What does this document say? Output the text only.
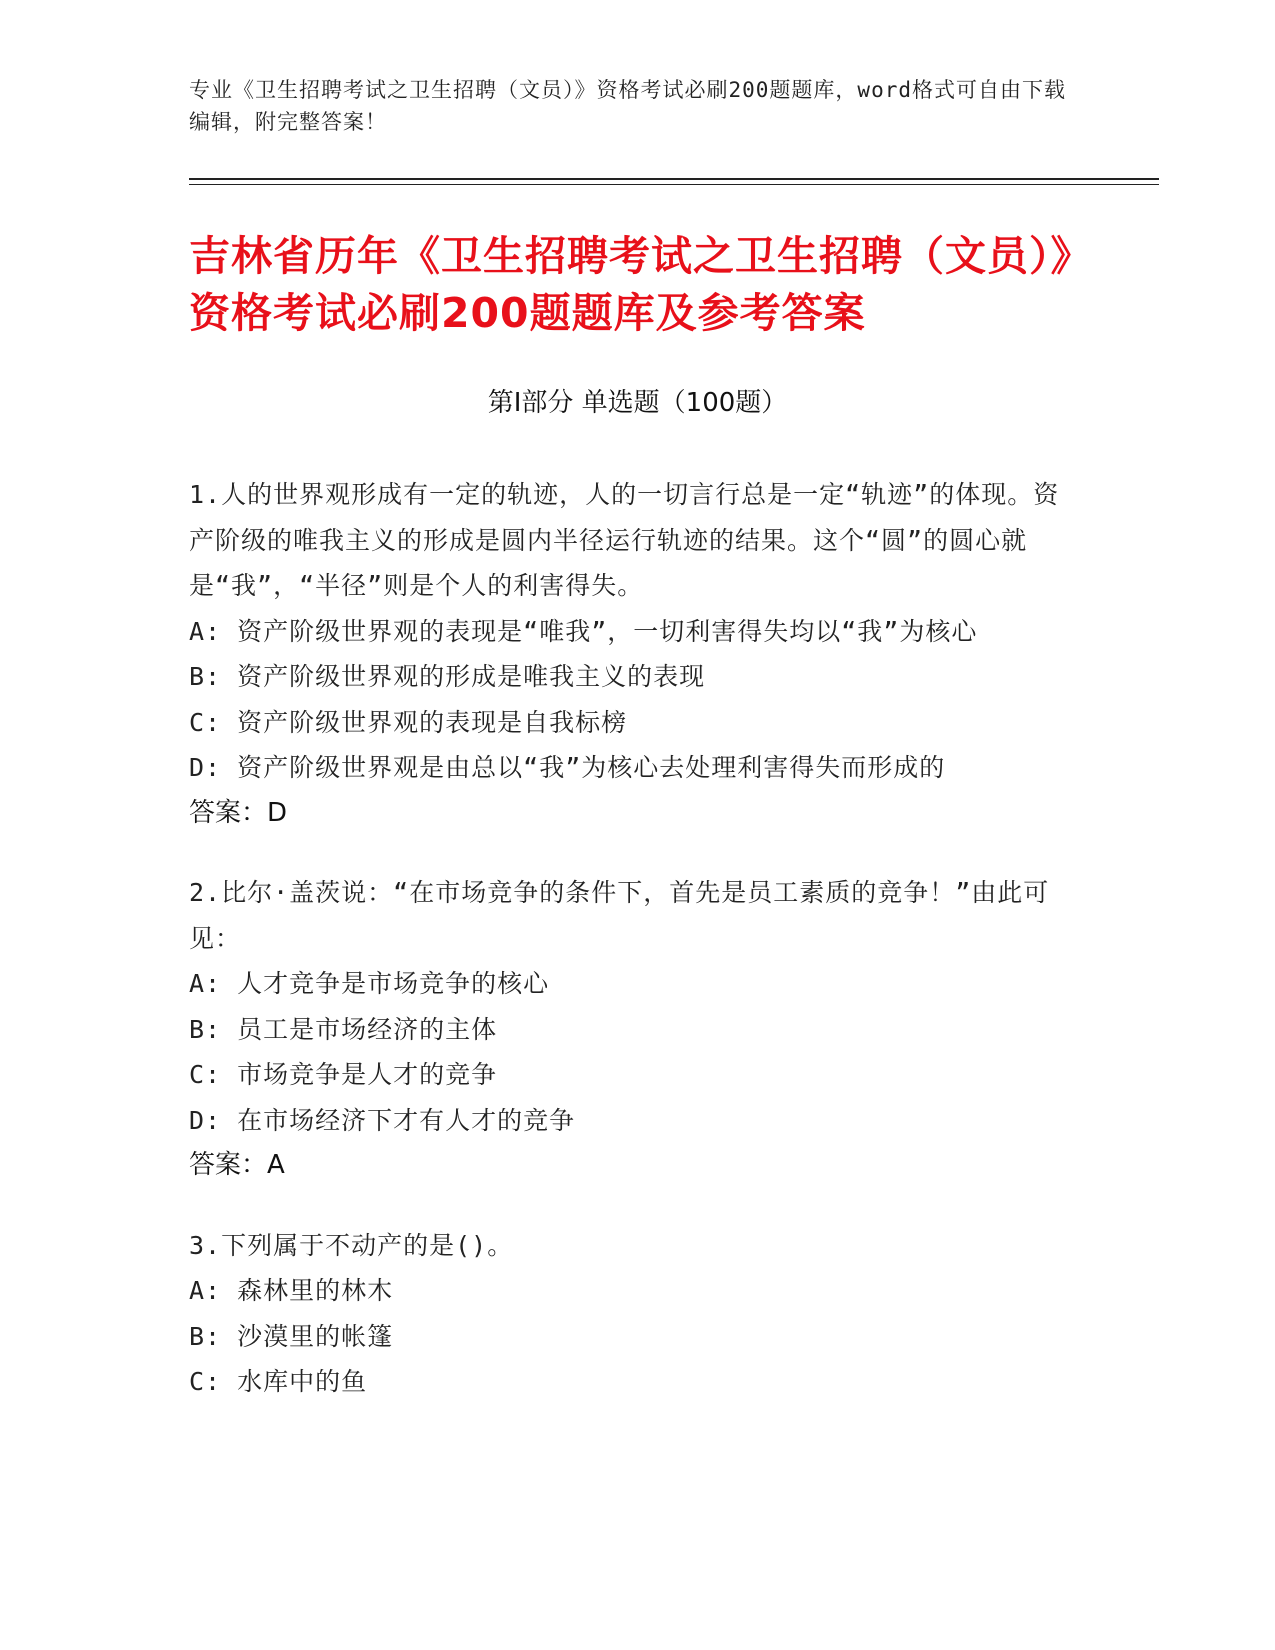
专业《卫生招聘考试之卫生招聘（文员）》资格考试必刷200题题库，word格式可自由下载编辑，附完整答案！
吉林省历年《卫生招聘考试之卫生招聘（文员）》资格考试必刷200题题库及参考答案
第Ⅰ部分 单选题（100题）
1.人的世界观形成有一定的轨迹，人的一切言行总是一定“轨迹”的体现。资产阶级的唯我主义的形成是圆内半径运行轨迹的结果。这个“圆”的圆心就是“我”，“半径”则是个人的利害得失。
A: 资产阶级世界观的表现是“唯我”，一切利害得失均以“我”为核心
B: 资产阶级世界观的形成是唯我主义的表现
C: 资产阶级世界观的表现是自我标榜
D: 资产阶级世界观是由总以“我”为核心去处理利害得失而形成的
答案：D
2.比尔·盖茨说：“在市场竞争的条件下，首先是员工素质的竞争！”由此可见：
A: 人才竞争是市场竞争的核心
B: 员工是市场经济的主体
C: 市场竞争是人才的竞争
D: 在市场经济下才有人才的竞争
答案：A
3.下列属于不动产的是()。
A: 森林里的林木
B: 沙漠里的帐篷
C: 水库中的鱼
